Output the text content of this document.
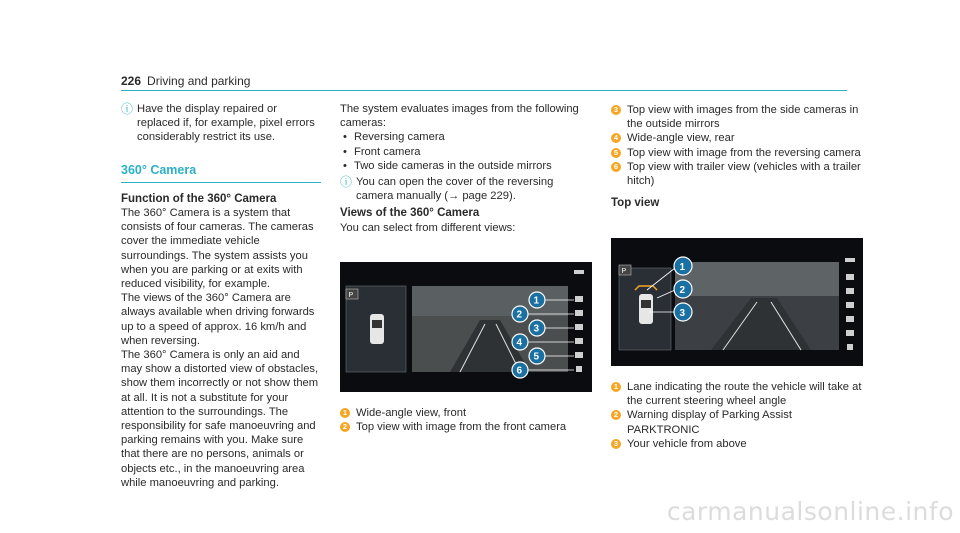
226 Driving and parking
ⓘ Have the display repaired or replaced if, for example, pixel errors considerably restrict its use.
360° Camera
Function of the 360° Camera

The 360° Camera is a system that consists of four cameras. The cameras cover the immediate vehicle surroundings. The system assists you when you are parking or at exits with reduced visibility, for example.

The views of the 360° Camera are always available when driving forwards up to a speed of approx. 16 km/h and when reversing.

The 360° Camera is only an aid and may show a distorted view of obstacles, show them incorrectly or not show them at all. It is not a substitute for your attention to the surroundings. The responsibility for safe manoeuvring and parking remains with you. Make sure that there are no persons, animals or objects etc., in the manoeuvring area while manoeuvring and parking.

The system evaluates images from the following cameras:

• Reversing camera
• Front camera
• Two side cameras in the outside mirrors
ⓘ You can open the cover of the reversing camera manually (→ page 229).
Views of the 360° Camera

You can select from different views:

P	1
2
3
4
5
6
1 Wide-angle view, front
2 Top view with image from the front camera
3 Top view with images from the side cameras in the outside mirrors
4 Wide-angle view, rear
5 Top view with image from the reversing camera
6 Top view with trailer view (vehicles with a trailer hitch)
Top view
P	1
2
3
1 Lane indicating the route the vehicle will take at the current steering wheel angle
2 Warning display of Parking Assist PARKTRONIC
3 Your vehicle from above
carmanualsonline.info
